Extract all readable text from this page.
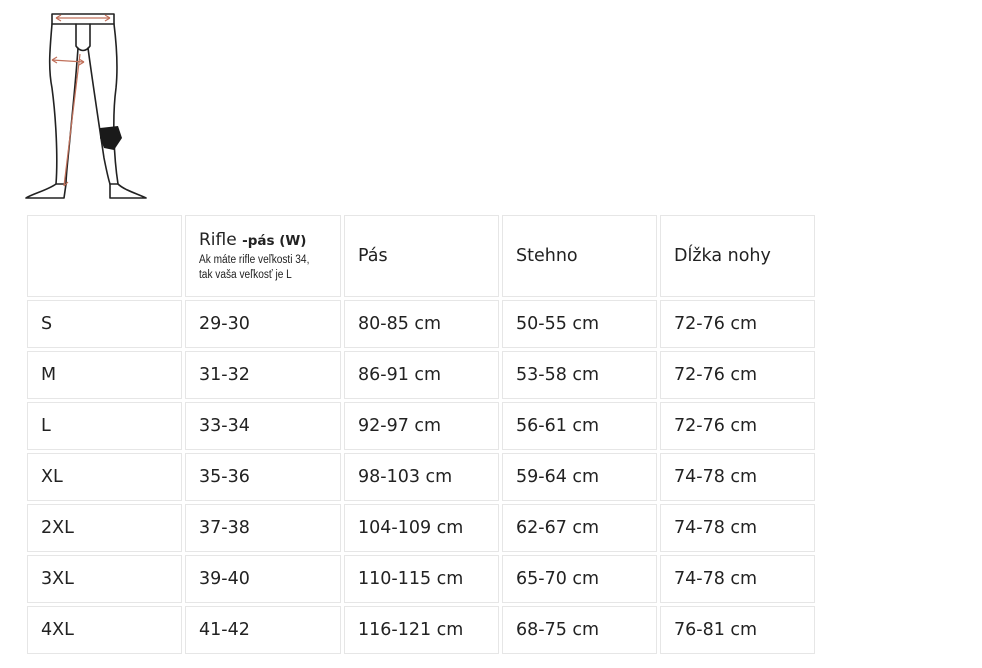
	Rifle -pás (W)
Ak máte rifle veľkosti 34,
tak vaša veľkosť je L	Pás	Stehno	Dĺžka nohy
S	29-30	80-85 cm	50-55 cm	72-76 cm
M	31-32	86-91 cm	53-58 cm	72-76 cm
L	33-34	92-97 cm	56-61 cm	72-76 cm
XL	35-36	98-103 cm	59-64 cm	74-78 cm
2XL	37-38	104-109 cm	62-67 cm	74-78 cm
3XL	39-40	110-115 cm	65-70 cm	74-78 cm
4XL	41-42	116-121 cm	68-75 cm	76-81 cm
